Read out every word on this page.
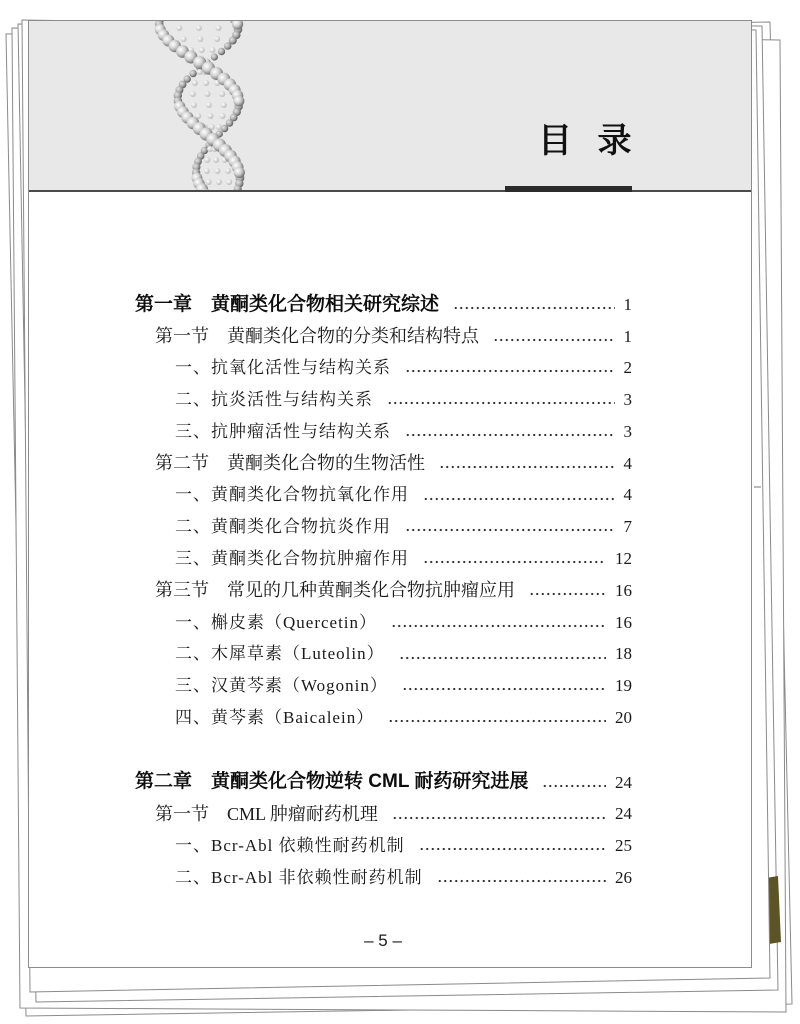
目 录
第一章　黄酮类化合物相关研究综述	1
第一节　黄酮类化合物的分类和结构特点	1
一、抗氧化活性与结构关系	2
二、抗炎活性与结构关系	3
三、抗肿瘤活性与结构关系	3
第二节　黄酮类化合物的生物活性	4
一、黄酮类化合物抗氧化作用	4
二、黄酮类化合物抗炎作用	7
三、黄酮类化合物抗肿瘤作用	12
第三节　常见的几种黄酮类化合物抗肿瘤应用	16
一、槲皮素（Quercetin）	16
二、木犀草素（Luteolin）	18
三、汉黄芩素（Wogonin）	19
四、黄芩素（Baicalein）	20
第二章　黄酮类化合物逆转 CML 耐药研究进展	24
第一节　CML 肿瘤耐药机理	24
一、Bcr-Abl 依赖性耐药机制	25
二、Bcr-Abl 非依赖性耐药机制	26
– 5 –
